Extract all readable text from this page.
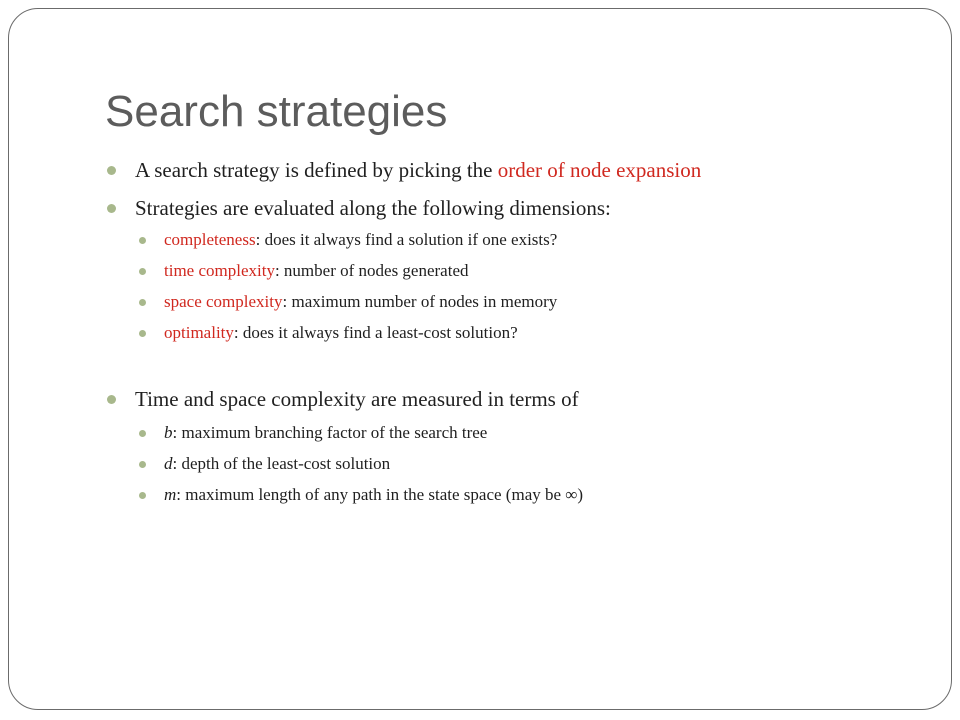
Search strategies
A search strategy is defined by picking the order of node expansion
Strategies are evaluated along the following dimensions:
completeness: does it always find a solution if one exists?
time complexity: number of nodes generated
space complexity: maximum number of nodes in memory
optimality: does it always find a least-cost solution?
Time and space complexity are measured in terms of
b: maximum branching factor of the search tree
d: depth of the least-cost solution
m: maximum length of any path in the state space (may be ∞)
